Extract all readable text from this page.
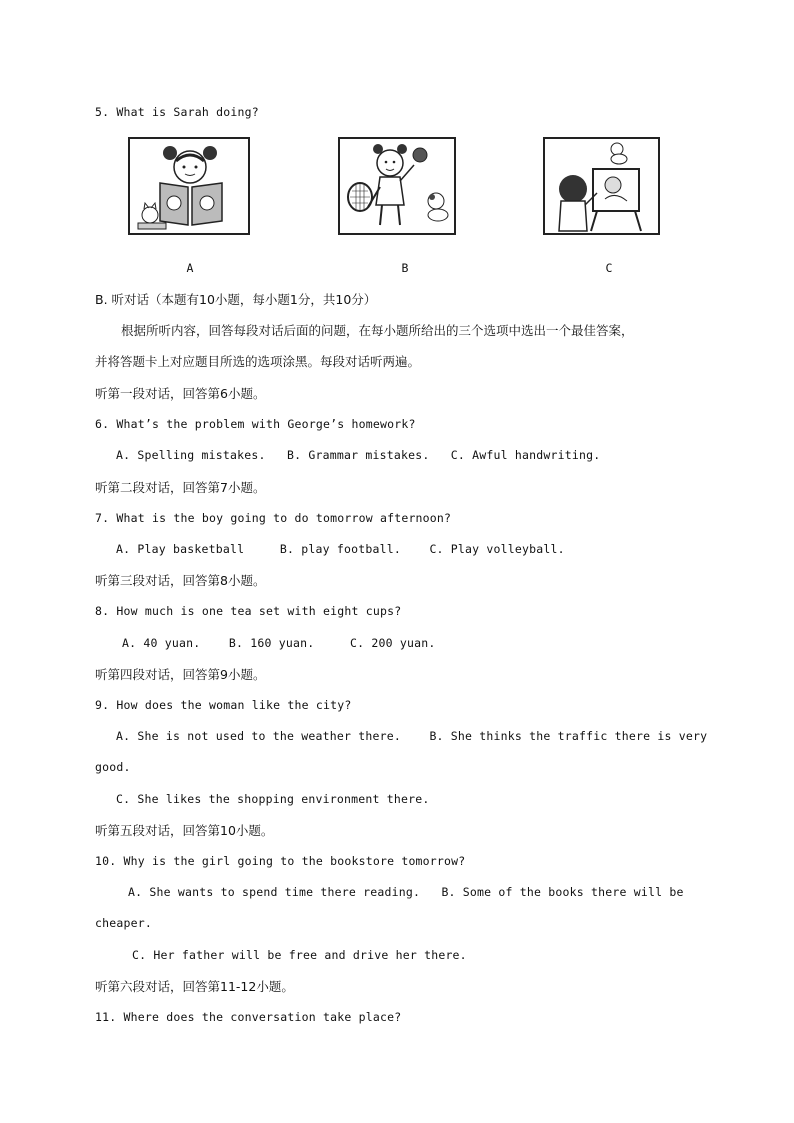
5. What is Sarah doing?
A	B	C
B. 听对话（本题有10小题，每小题1分，共10分）
根据所听内容，回答每段对话后面的问题，在每小题所给出的三个选项中选出一个最佳答案，
并将答题卡上对应题目所选的选项涂黑。每段对话听两遍。
听第一段对话，回答第6小题。
6. What’s the problem with George’s homework?
A. Spelling mistakes.   B. Grammar mistakes.   C. Awful handwriting.
听第二段对话，回答第7小题。
7. What is the boy going to do tomorrow afternoon?
A. Play basketball     B. play football.    C. Play volleyball.
听第三段对话，回答第8小题。
8. How much is one tea set with eight cups?
A. 40 yuan.    B. 160 yuan.     C. 200 yuan.
听第四段对话，回答第9小题。
9. How does the woman like the city?
A. She is not used to the weather there.    B. She thinks the traffic there is very
good.
C. She likes the shopping environment there.
听第五段对话，回答第10小题。
10. Why is the girl going to the bookstore tomorrow?
A. She wants to spend time there reading.   B. Some of the books there will be
cheaper.
C. Her father will be free and drive her there.
听第六段对话，回答第11-12小题。
11. Where does the conversation take place?
